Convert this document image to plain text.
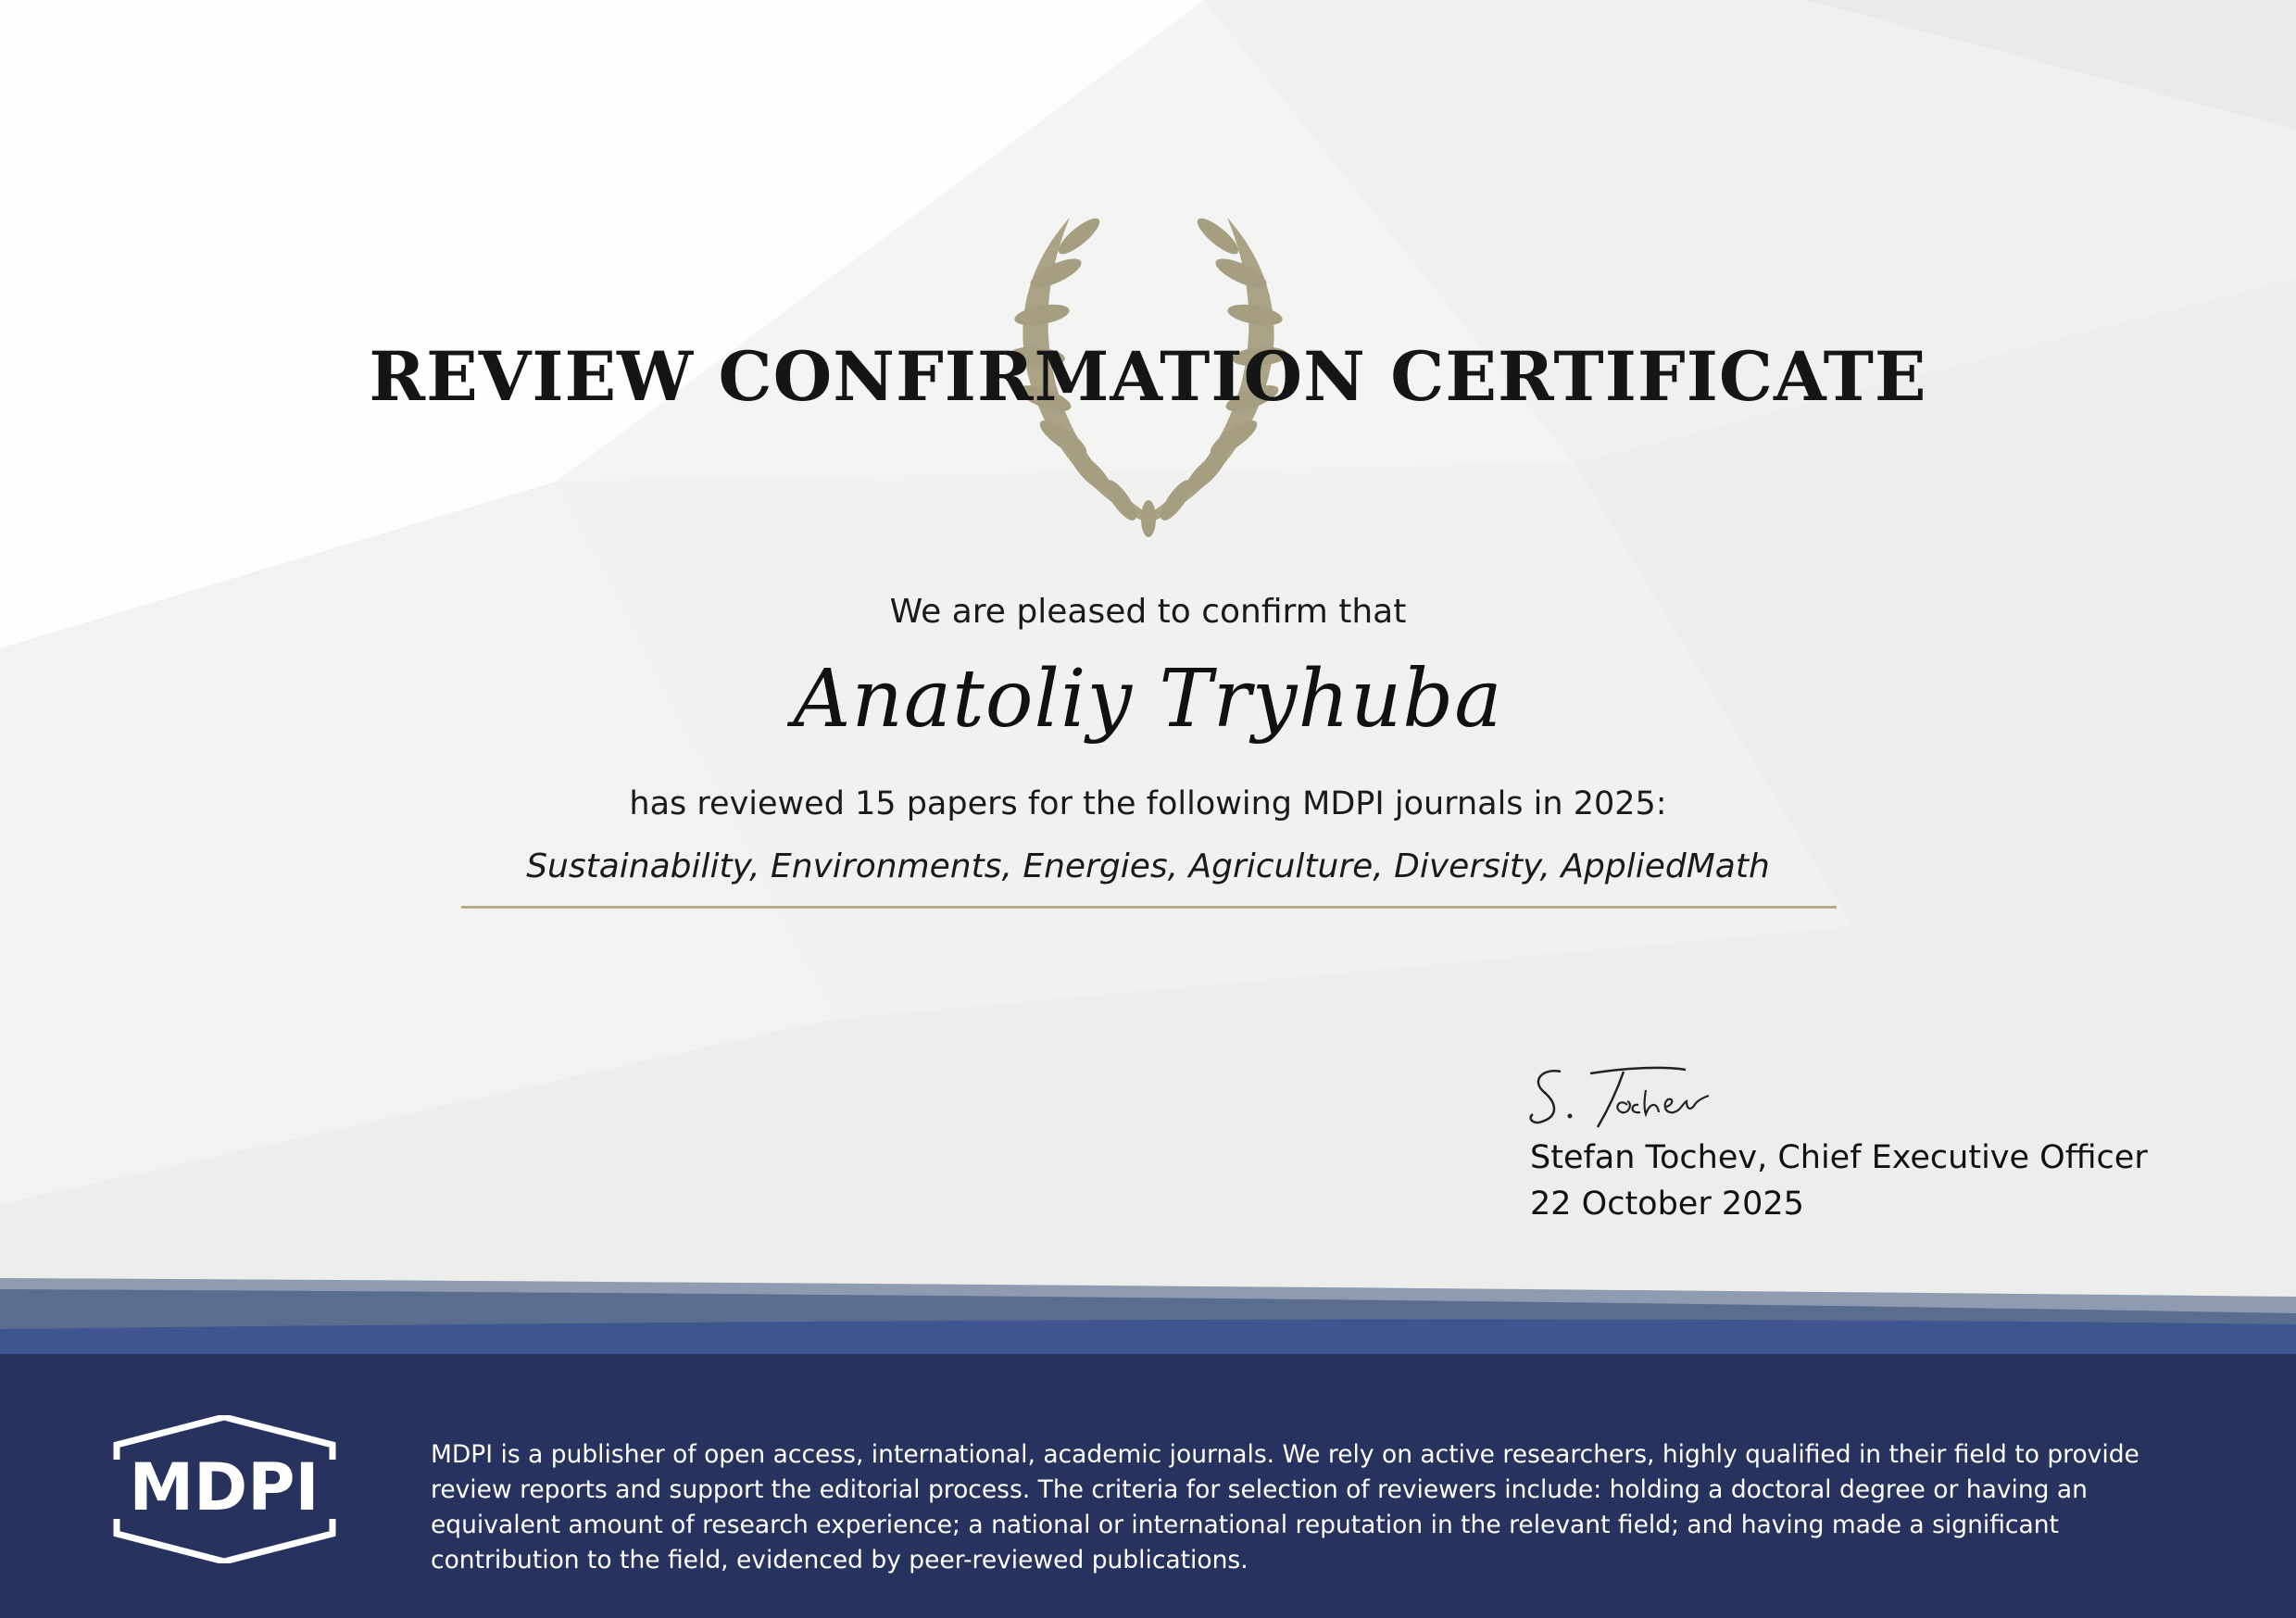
REVIEW CONFIRMATION CERTIFICATE
We are pleased to confirm that
Anatoliy Tryhuba
has reviewed 15 papers for the following MDPI journals in 2025:
Sustainability, Environments, Energies, Agriculture, Diversity, AppliedMath
Stefan Tochev, Chief Executive Officer
22 October 2025
MDPI	MDPI is a publisher of open access, international, academic journals. We rely on active researchers, highly qualified in their field to provide review reports and support the editorial process. The criteria for selection of reviewers include: holding a doctoral degree or having an equivalent amount of research experience; a national or international reputation in the relevant field; and having made a significant contribution to the field, evidenced by peer-reviewed publications.
